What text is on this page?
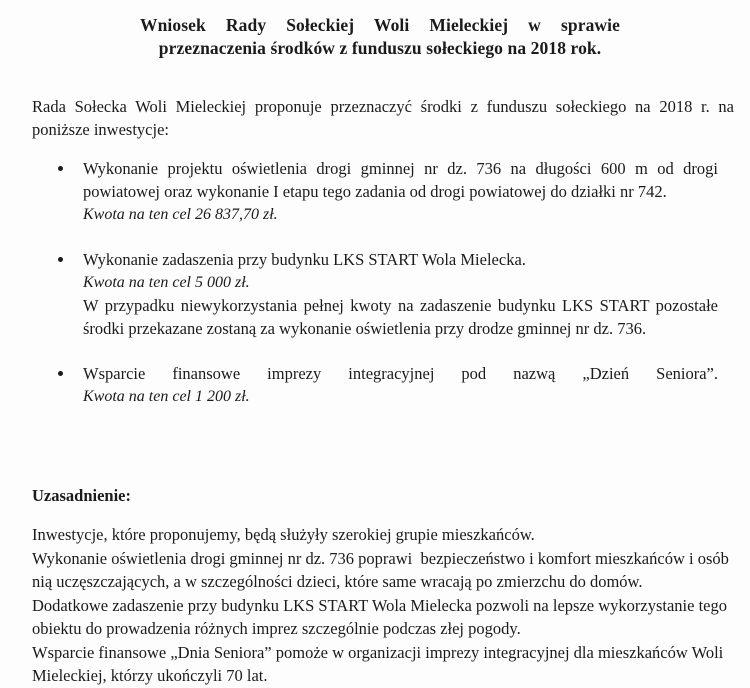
Wniosek Rady Sołeckiej Woli Mieleckiej w sprawie
przeznaczenia środków z funduszu sołeckiego na 2018 rok.

Rada Sołecka Woli Mieleckiej proponuje przeznaczyć środki z funduszu sołeckiego na 2018 r. na poniższe inwestycje:

Wykonanie projektu oświetlenia drogi gminnej nr dz. 736 na długości 600 m od drogi powiatowej oraz wykonanie I etapu tego zadania od drogi powiatowej do działki nr 742.
Kwota na ten cel 26 837,70 zł.
Wykonanie zadaszenia przy budynku LKS START Wola Mielecka.
Kwota na ten cel 5 000 zł.
W przypadku niewykorzystania pełnej kwoty na zadaszenie budynku LKS START pozostałe środki przekazane zostaną za wykonanie oświetlenia przy drodze gminnej nr dz. 736.
Wsparcie finansowe imprezy integracyjnej pod nazwą „Dzień Seniora”.
Kwota na ten cel 1 200 zł.
Uzasadnienie:
Inwestycje, które proponujemy, będą służyły szerokiej grupie mieszkańców.
Wykonanie oświetlenia drogi gminnej nr dz. 736 poprawi  bezpieczeństwo i komfort mieszkańców i osób nią uczęszczających, a w szczególności dzieci, które same wracają po zmierzchu do domów.
Dodatkowe zadaszenie przy budynku LKS START Wola Mielecka pozwoli na lepsze wykorzystanie tego obiektu do prowadzenia różnych imprez szczególnie podczas złej pogody.
Wsparcie finansowe „Dnia Seniora” pomoże w organizacji imprezy integracyjnej dla mieszkańców Woli Mieleckiej, którzy ukończyli 70 lat.
